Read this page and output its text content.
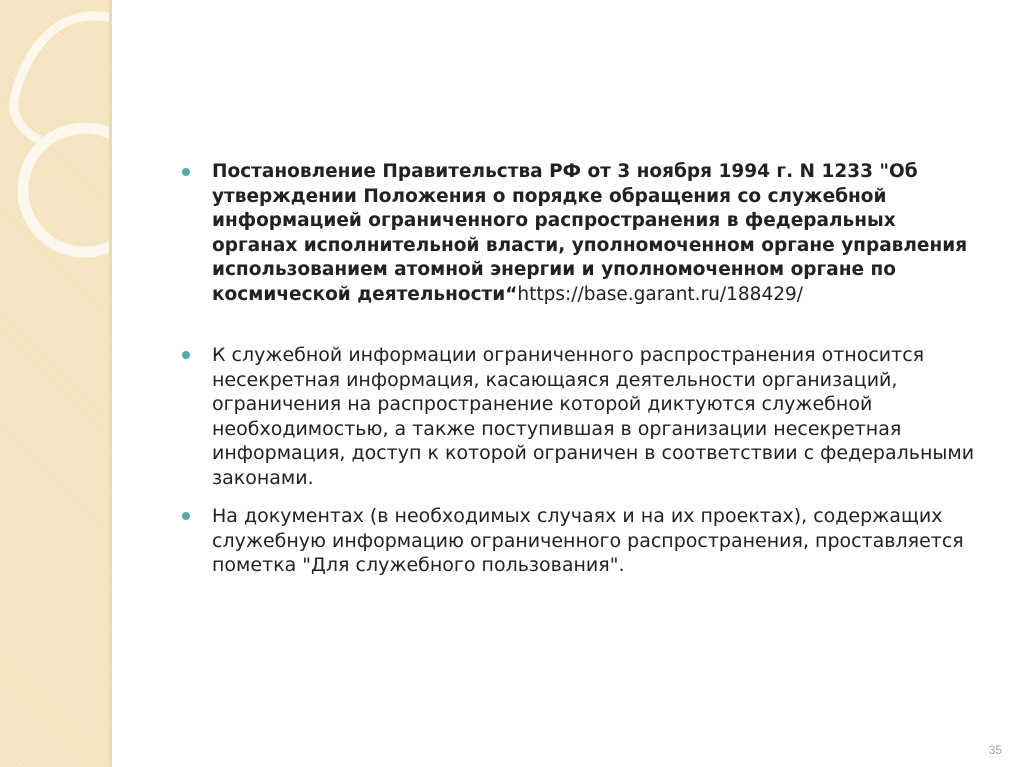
Постановление Правительства РФ от 3 ноября 1994 г. N 1233 "Об утверждении Положения о порядке обращения со служебной информацией ограниченного распространения в федеральных органах исполнительной власти, уполномоченном органе управления использованием атомной энергии и уполномоченном органе по космической деятельности“https://base.garant.ru/188429/
К служебной информации ограниченного распространения относится несекретная информация, касающаяся деятельности организаций, ограничения на распространение которой диктуются служебной необходимостью, а также поступившая в организации несекретная информация, доступ к которой ограничен в соответствии с федеральными законами.
На документах (в необходимых случаях и на их проектах), содержащих служебную информацию ограниченного распространения, проставляется пометка "Для служебного пользования".
35
